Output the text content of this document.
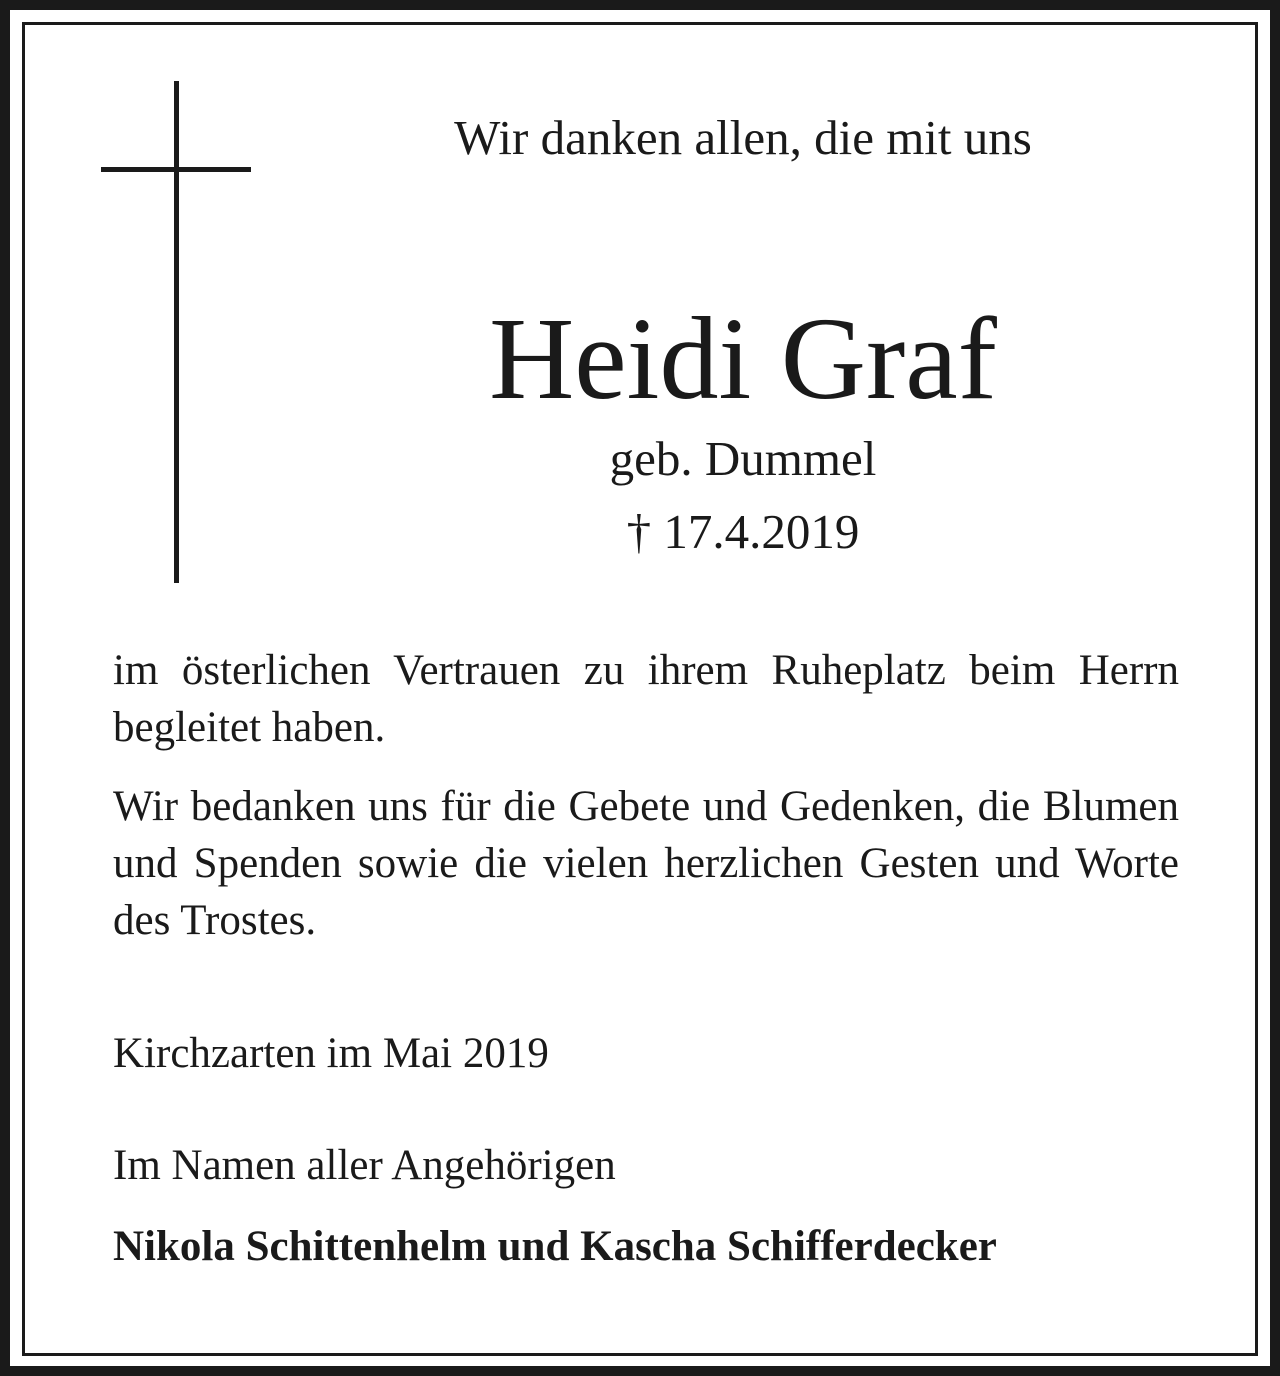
Wir danken allen, die mit uns
Heidi Graf
geb. Dummel
† 17.4.2019
im österlichen Vertrauen zu ihrem Ruheplatz beim Herrn begleitet haben.
Wir bedanken uns für die Gebete und Gedenken, die Blumen und Spenden sowie die vielen herzlichen Gesten und Worte des Trostes.
Kirchzarten im Mai 2019
Im Namen aller Angehörigen
Nikola Schittenhelm und Kascha Schifferdecker
